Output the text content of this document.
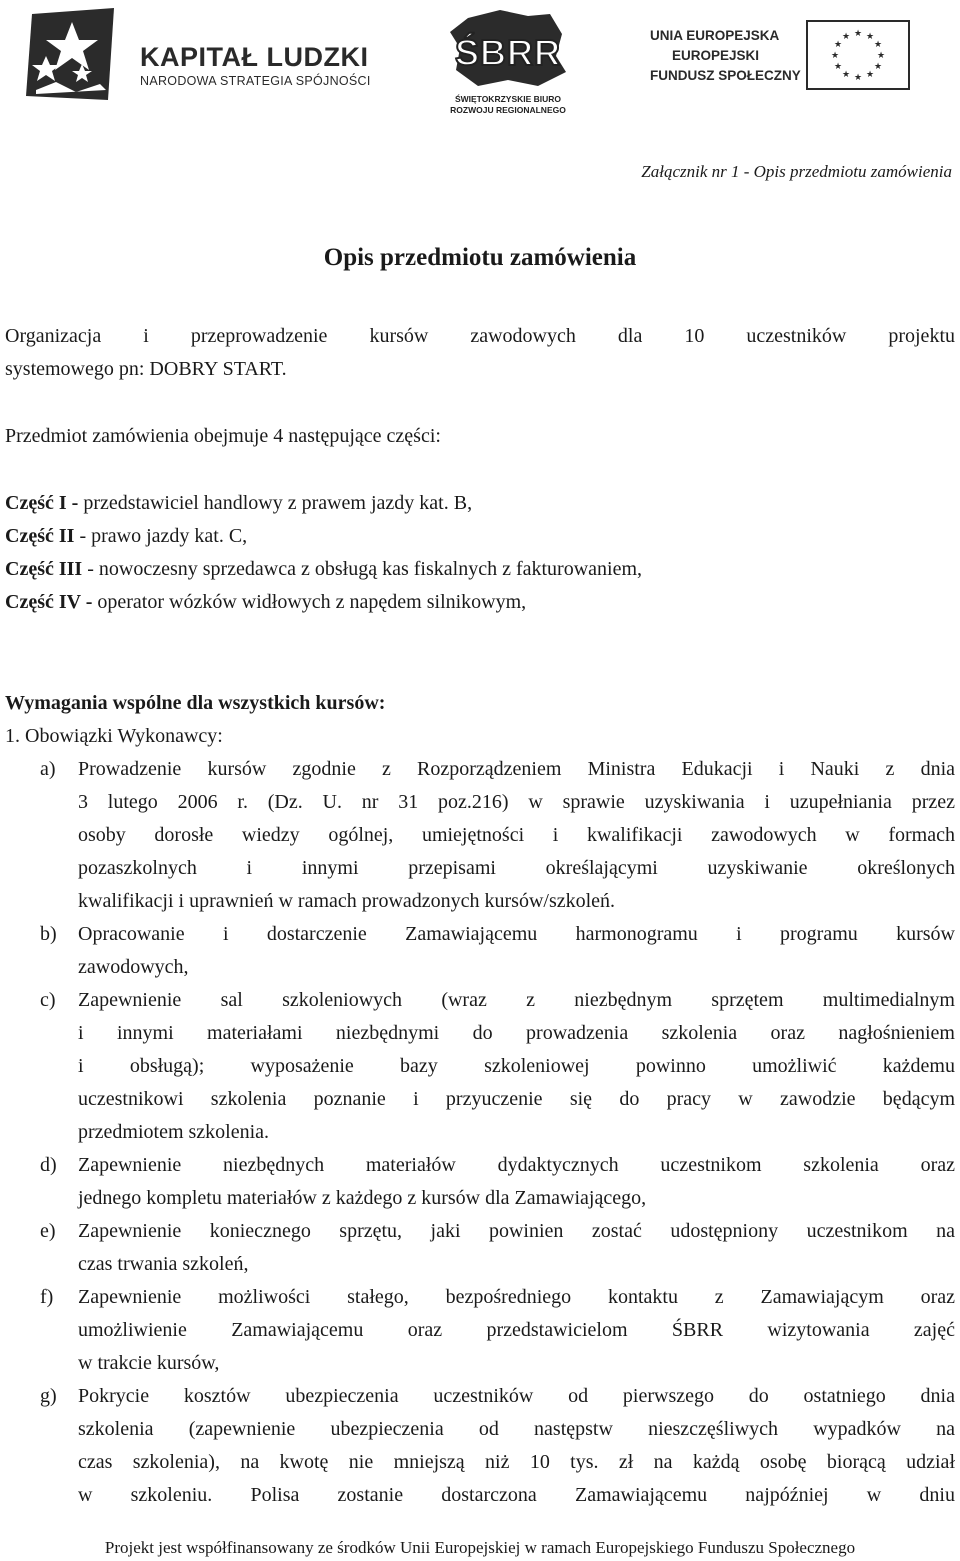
KAPITAŁ LUDZKI
NARODOWA STRATEGIA SPÓJNOŚCI
ŚBRR
ŚWIĘTOKRZYSKIE BIURO
ROZWOJU REGIONALNEGO
UNIA EUROPEJSKA
EUROPEJSKI
FUNDUSZ SPOŁECZNY
★ ★
★
★
★
★
★
★
★
★
★
★
Załącznik nr 1 - Opis przedmiotu zamówienia
Opis przedmiotu zamówienia
Organizacja i przeprowadzenie kursów zawodowych dla 10 uczestników projektu
systemowego pn: DOBRY START.
Przedmiot zamówienia obejmuje 4 następujące części:
Część I - przedstawiciel handlowy z prawem jazdy kat. B,
Część II - prawo jazdy kat. C,
Część III - nowoczesny sprzedawca z obsługą kas fiskalnych z fakturowaniem,
Część IV - operator wózków widłowych z napędem silnikowym,
Wymagania wspólne dla wszystkich kursów:
1. Obowiązki Wykonawcy:
a) Prowadzenie kursów zgodnie z Rozporządzeniem Ministra Edukacji i Nauki z dnia
3 lutego 2006 r. (Dz. U. nr 31 poz.216) w sprawie uzyskiwania i uzupełniania przez
osoby dorosłe wiedzy ogólnej, umiejętności i kwalifikacji zawodowych w formach
pozaszkolnych i innymi przepisami określającymi uzyskiwanie określonych
kwalifikacji i uprawnień w ramach prowadzonych kursów/szkoleń.
b) Opracowanie i dostarczenie Zamawiającemu harmonogramu i programu kursów
zawodowych,
c) Zapewnienie sal szkoleniowych (wraz z niezbędnym sprzętem multimedialnym
i innymi materiałami niezbędnymi do prowadzenia szkolenia oraz nagłośnieniem
i obsługą); wyposażenie bazy szkoleniowej powinno umożliwić każdemu
uczestnikowi szkolenia poznanie i przyuczenie się do pracy w zawodzie będącym
przedmiotem szkolenia.
d) Zapewnienie niezbędnych materiałów dydaktycznych uczestnikom szkolenia oraz
jednego kompletu materiałów z każdego z kursów dla Zamawiającego,
e) Zapewnienie koniecznego sprzętu, jaki powinien zostać udostępniony uczestnikom na
czas trwania szkoleń,
f) Zapewnienie możliwości stałego, bezpośredniego kontaktu z Zamawiającym oraz
umożliwienie Zamawiającemu oraz przedstawicielom ŚBRR wizytowania zajęć
w trakcie kursów,
g) Pokrycie kosztów ubezpieczenia uczestników od pierwszego do ostatniego dnia
szkolenia (zapewnienie ubezpieczenia od następstw nieszczęśliwych wypadków na
czas szkolenia), na kwotę nie mniejszą niż 10 tys. zł na każdą osobę biorącą udział
w szkoleniu. Polisa zostanie dostarczona Zamawiającemu najpóźniej w dniu
Projekt jest współfinansowany ze środków Unii Europejskiej w ramach Europejskiego Funduszu Społecznego
